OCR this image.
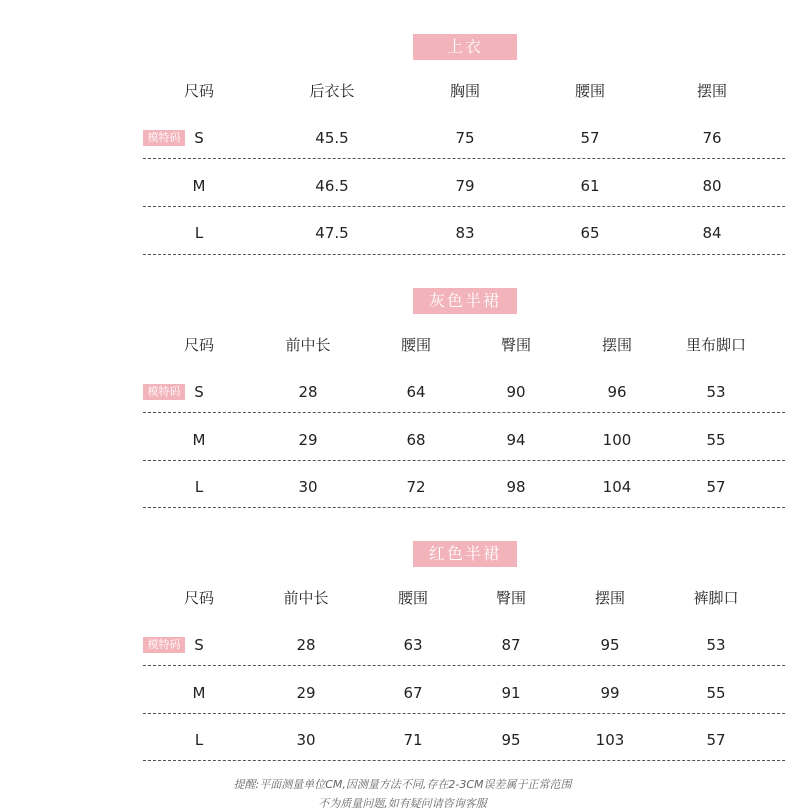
上衣
尺码	后衣长	胸围	腰围	摆围
模特码 S	45.5	75	57	76
M	46.5	79	61	80
L	47.5	83	65	84
灰色半裙
尺码	前中长	腰围	臀围	摆围	里布脚口
模特码 S	28	64	90	96	53
M	29	68	94	100	55
L	30	72	98	104	57
红色半裙
尺码	前中长	腰围	臀围	摆围	裤脚口
模特码 S	28	63	87	95	53
M	29	67	91	99	55
L	30	71	95	103	57
提醒:平面测量单位CM,因测量方法不同,存在2-3CM误差属于正常范围
不为质量问题,如有疑问请咨询客服
